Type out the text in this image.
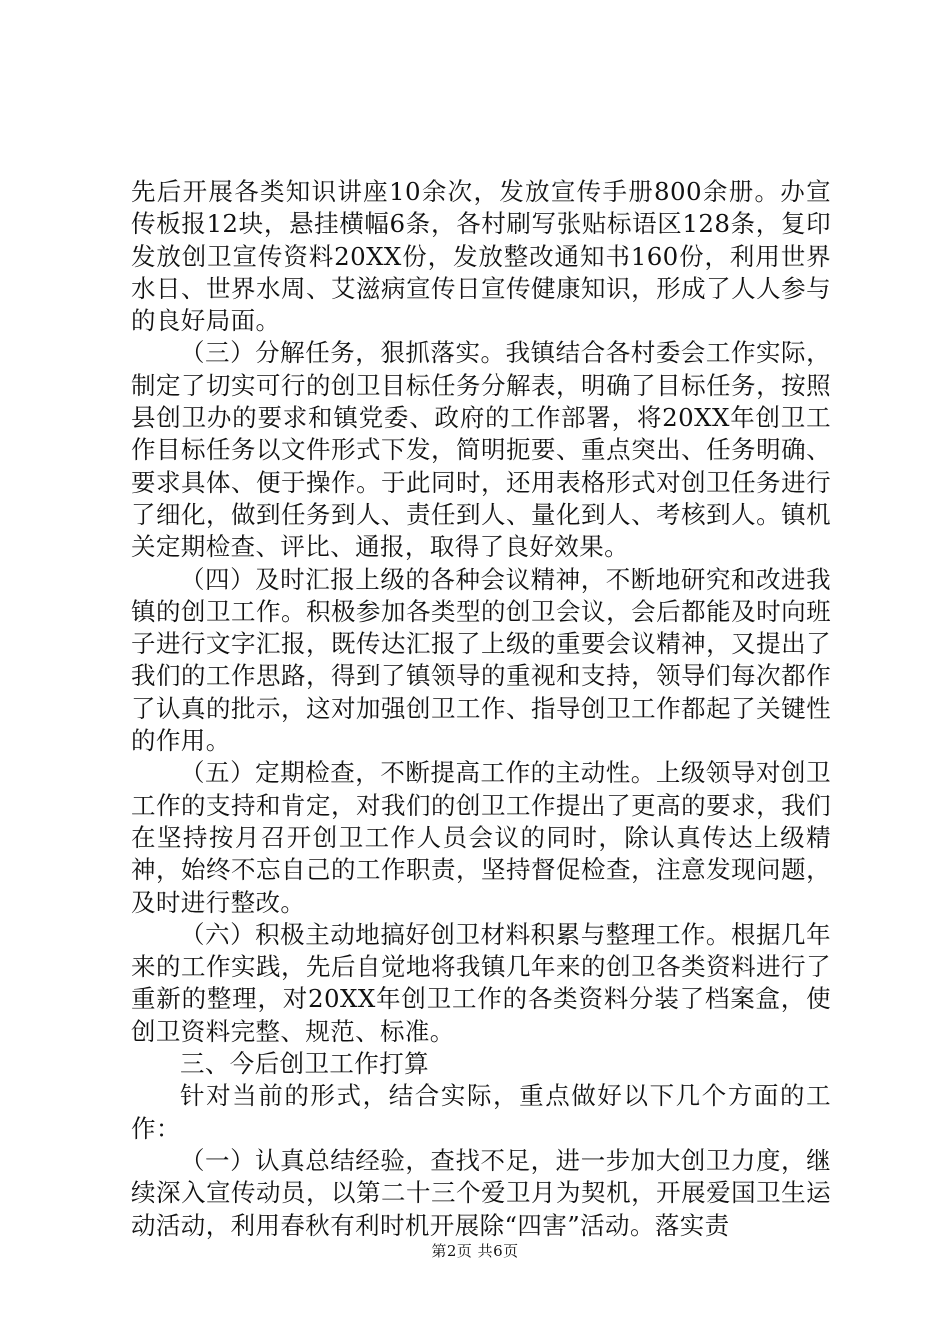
先后开展各类知识讲座10余次，发放宣传手册800余册。办宣传板报12块，悬挂横幅6条，各村刷写张贴标语区128条，复印发放创卫宣传资料20XX份，发放整改通知书160份，利用世界水日、世界水周、艾滋病宣传日宣传健康知识，形成了人人参与的良好局面。

（三）分解任务，狠抓落实。我镇结合各村委会工作实际，制定了切实可行的创卫目标任务分解表，明确了目标任务，按照县创卫办的要求和镇党委、政府的工作部署，将20XX年创卫工作目标任务以文件形式下发，简明扼要、重点突出、任务明确、要求具体、便于操作。于此同时，还用表格形式对创卫任务进行了细化，做到任务到人、责任到人、量化到人、考核到人。镇机关定期检查、评比、通报，取得了良好效果。

（四）及时汇报上级的各种会议精神，不断地研究和改进我镇的创卫工作。积极参加各类型的创卫会议，会后都能及时向班子进行文字汇报，既传达汇报了上级的重要会议精神，又提出了我们的工作思路，得到了镇领导的重视和支持，领导们每次都作了认真的批示，这对加强创卫工作、指导创卫工作都起了关键性的作用。

（五）定期检查，不断提高工作的主动性。上级领导对创卫工作的支持和肯定，对我们的创卫工作提出了更高的要求，我们在坚持按月召开创卫工作人员会议的同时，除认真传达上级精神，始终不忘自己的工作职责，坚持督促检查，注意发现问题，及时进行整改。

（六）积极主动地搞好创卫材料积累与整理工作。根据几年来的工作实践，先后自觉地将我镇几年来的创卫各类资料进行了重新的整理，对20XX年创卫工作的各类资料分装了档案盒，使创卫资料完整、规范、标准。

三、今后创卫工作打算

针对当前的形式，结合实际，重点做好以下几个方面的工作：

（一）认真总结经验，查找不足，进一步加大创卫力度，继续深入宣传动员，以第二十三个爱卫月为契机，开展爱国卫生运动活动，利用春秋有利时机开展除“四害”活动。落实责

第2页 共6页
